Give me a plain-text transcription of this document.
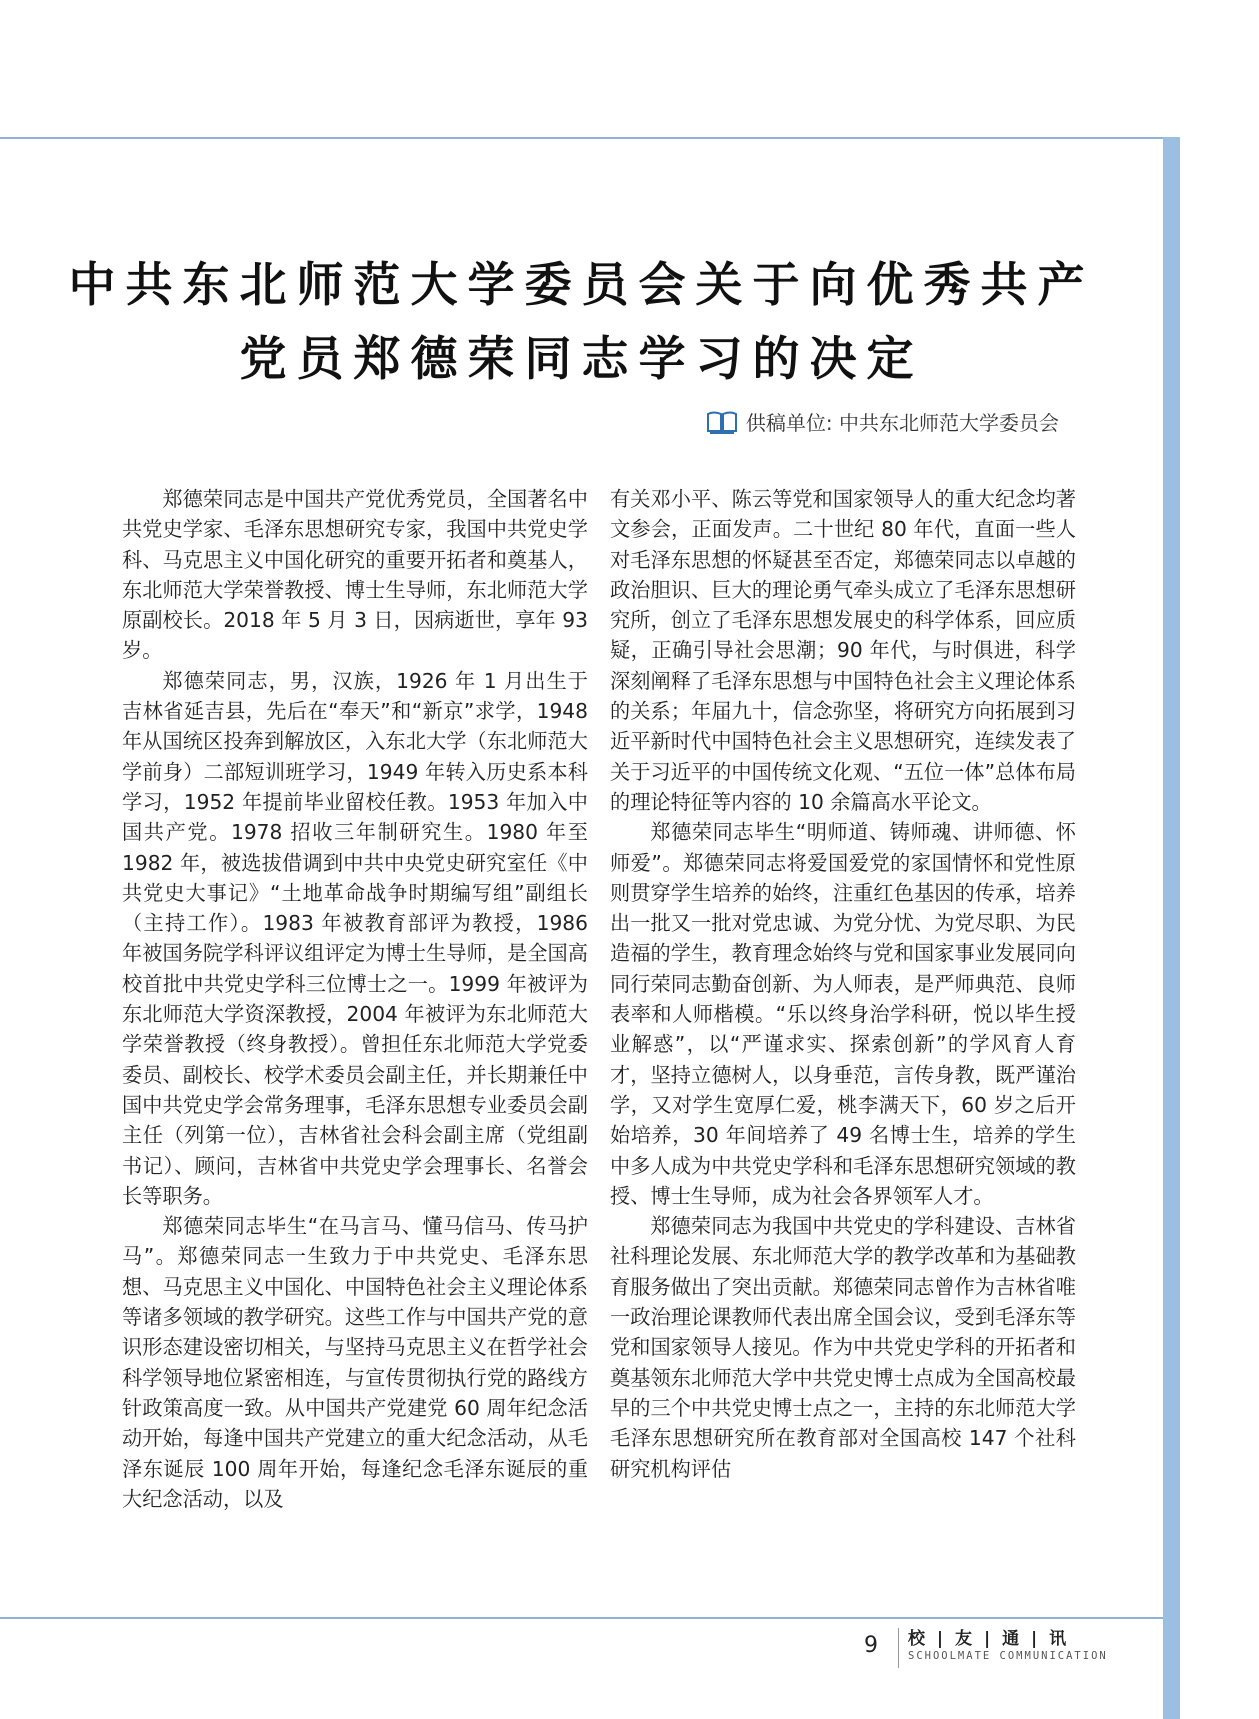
中共东北师范大学委员会关于向优秀共产
党员郑德荣同志学习的决定
供稿单位: 中共东北师范大学委员会

郑德荣同志是中国共产党优秀党员，全国著名中共党史学家、毛泽东思想研究专家，我国中共党史学科、马克思主义中国化研究的重要开拓者和奠基人，东北师范大学荣誉教授、博士生导师，东北师范大学原副校长。2018 年 5 月 3 日，因病逝世，享年 93 岁。

郑德荣同志，男，汉族，1926 年 1 月出生于吉林省延吉县，先后在“奉天”和“新京”求学，1948 年从国统区投奔到解放区，入东北大学（东北师范大学前身）二部短训班学习，1949 年转入历史系本科学习，1952 年提前毕业留校任教。1953 年加入中国共产党。1978 招收三年制研究生。1980 年至 1982 年，被选拔借调到中共中央党史研究室任《中共党史大事记》“土地革命战争时期编写组”副组长（主持工作）。1983 年被教育部评为教授，1986 年被国务院学科评议组评定为博士生导师，是全国高校首批中共党史学科三位博士之一。1999 年被评为东北师范大学资深教授，2004 年被评为东北师范大学荣誉教授（终身教授）。曾担任东北师范大学党委委员、副校长、校学术委员会副主任，并长期兼任中国中共党史学会常务理事，毛泽东思想专业委员会副主任（列第一位），吉林省社会科会副主席（党组副书记）、顾问，吉林省中共党史学会理事长、名誉会长等职务。

郑德荣同志毕生“在马言马、懂马信马、传马护马”。郑德荣同志一生致力于中共党史、毛泽东思想、马克思主义中国化、中国特色社会主义理论体系等诸多领域的教学研究。这些工作与中国共产党的意识形态建设密切相关，与坚持马克思主义在哲学社会科学领导地位紧密相连，与宣传贯彻执行党的路线方针政策高度一致。从中国共产党建党 60 周年纪念活动开始，每逢中国共产党建立的重大纪念活动，从毛泽东诞辰 100 周年开始，每逢纪念毛泽东诞辰的重大纪念活动，以及

有关邓小平、陈云等党和国家领导人的重大纪念均著文参会，正面发声。二十世纪 80 年代，直面一些人对毛泽东思想的怀疑甚至否定，郑德荣同志以卓越的政治胆识、巨大的理论勇气牵头成立了毛泽东思想研究所，创立了毛泽东思想发展史的科学体系，回应质疑，正确引导社会思潮；90 年代，与时俱进，科学深刻阐释了毛泽东思想与中国特色社会主义理论体系的关系；年届九十，信念弥坚，将研究方向拓展到习近平新时代中国特色社会主义思想研究，连续发表了关于习近平的中国传统文化观、“五位一体”总体布局的理论特征等内容的 10 余篇高水平论文。

郑德荣同志毕生“明师道、铸师魂、讲师德、怀师爱”。郑德荣同志将爱国爱党的家国情怀和党性原则贯穿学生培养的始终，注重红色基因的传承，培养出一批又一批对党忠诚、为党分忧、为党尽职、为民造福的学生，教育理念始终与党和国家事业发展同向同行荣同志勤奋创新、为人师表，是严师典范、良师表率和人师楷模。“乐以终身治学科研，悦以毕生授业解惑”，以“严谨求实、探索创新”的学风育人育才，坚持立德树人，以身垂范，言传身教，既严谨治学，又对学生宽厚仁爱，桃李满天下，60 岁之后开始培养，30 年间培养了 49 名博士生，培养的学生中多人成为中共党史学科和毛泽东思想研究领域的教授、博士生导师，成为社会各界领军人才。

郑德荣同志为我国中共党史的学科建设、吉林省社科理论发展、东北师范大学的教学改革和为基础教育服务做出了突出贡献。郑德荣同志曾作为吉林省唯一政治理论课教师代表出席全国会议，受到毛泽东等党和国家领导人接见。作为中共党史学科的开拓者和奠基领东北师范大学中共党史博士点成为全国高校最早的三个中共党史博士点之一，主持的东北师范大学毛泽东思想研究所在教育部对全国高校 147 个社科研究机构评估

9 校 | 友 | 通 | 讯
SCHOOLMATE COMMUNICATION
